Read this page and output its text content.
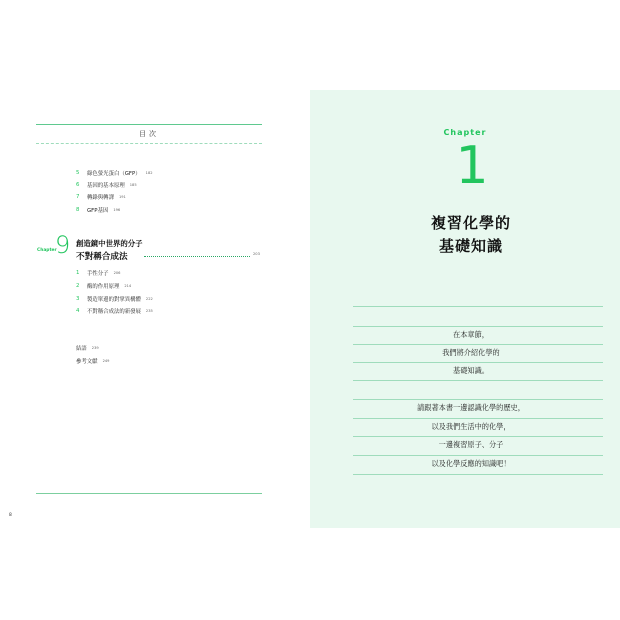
目次
5	綠色螢光蛋白（GFP） 182
6	基因的基本原理 185
7	轉錄與轉譯 191
8	GFP基因 196
Chapter
9 創造鏡中世界的分子
不對稱合成法	203
1	手性分子 206
2	酶的作用原理 214
3	製造單邊的對掌異構體 222
4	不對稱合成法的新發展 235
結語 239
參考文獻 249
8
Chapter
1
複習化學的
基礎知識
在本章節，
我們將介紹化學的
基礎知識。
請跟著本書一邊認識化學的歷史，
以及我們生活中的化學，
一邊複習原子、分子
以及化學反應的知識吧！
